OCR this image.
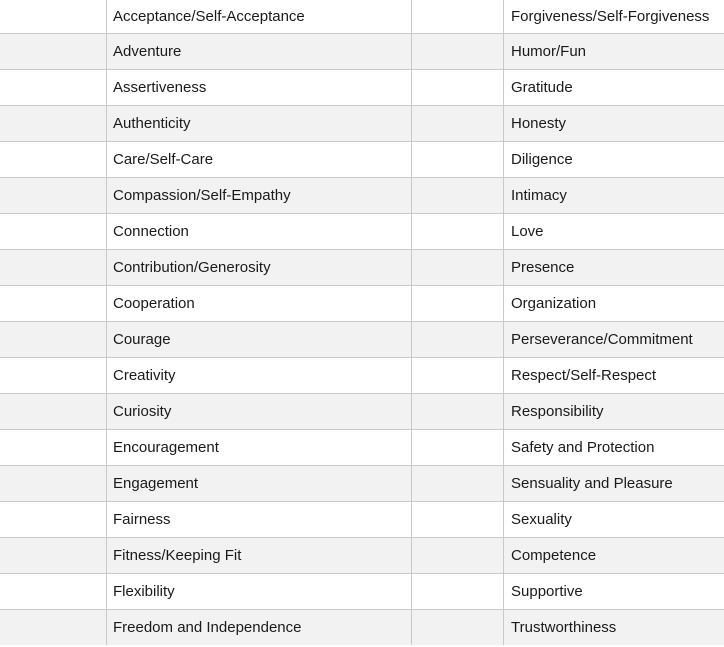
Acceptance/Self-Acceptance	Forgiveness/Self-Forgiveness
Adventure	Humor/Fun
Assertiveness	Gratitude
Authenticity	Honesty
Care/Self-Care	Diligence
Compassion/Self-Empathy	Intimacy
Connection	Love
Contribution/Generosity	Presence
Cooperation	Organization
Courage	Perseverance/Commitment
Creativity	Respect/Self-Respect
Curiosity	Responsibility
Encouragement	Safety and Protection
Engagement	Sensuality and Pleasure
Fairness	Sexuality
Fitness/Keeping Fit	Competence
Flexibility	Supportive
Freedom and Independence	Trustworthiness
